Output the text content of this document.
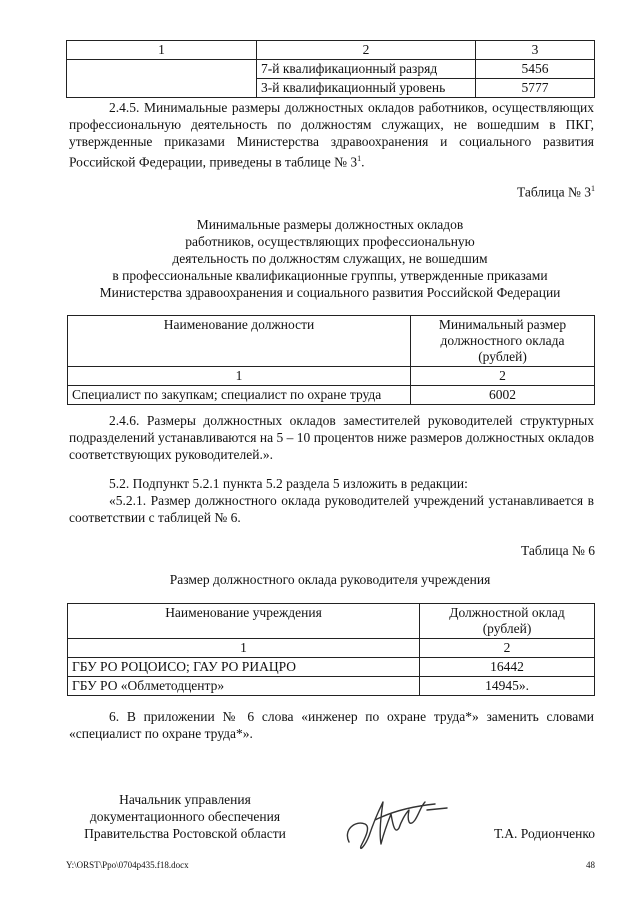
1	2	3
	7-й квалификационный разряд	5456
	3-й квалификационный уровень	5777
2.4.5. Минимальные размеры должностных окладов работников, осуществляющих профессиональную деятельность по должностям служащих, не вошедшим в ПКГ, утвержденные приказами Министерства здравоохранения и социального развития Российской Федерации, приведены в таблице № $3^1$.
Таблица № $3^1$
Минимальные размеры должностных окладов
работников, осуществляющих профессиональную
деятельность по должностям служащих, не вошедшим
в профессиональные квалификационные группы, утвержденные приказами
Министерства здравоохранения и социального развития Российской Федерации
Наименование должности	Минимальный размер должностного оклада (рублей)
1	2
Специалист по закупкам; специалист по охране труда	6002
2.4.6. Размеры должностных окладов заместителей руководителей структурных подразделений устанавливаются на 5 – 10 процентов ниже размеров должностных окладов соответствующих руководителей.».
5.2. Подпункт 5.2.1 пункта 5.2 раздела 5 изложить в редакции:
«5.2.1. Размер должностного оклада руководителей учреждений устанавливается в соответствии с таблицей № 6.
Таблица № 6
Размер должностного оклада руководителя учреждения
Наименование учреждения	Должностной оклад (рублей)
1	2
ГБУ РО РОЦОИСО; ГАУ РО РИАЦРО	16442
ГБУ РО «Облметодцентр»	14945».
6. В приложении № 6 слова «инженер по охране труда*» заменить словами «специалист по охране труда*».
Начальник управления
документационного обеспечения
Правительства Ростовской области	Т.А. Родионченко
Y:\ORST\Ppo\0704p435.f18.docx	48
